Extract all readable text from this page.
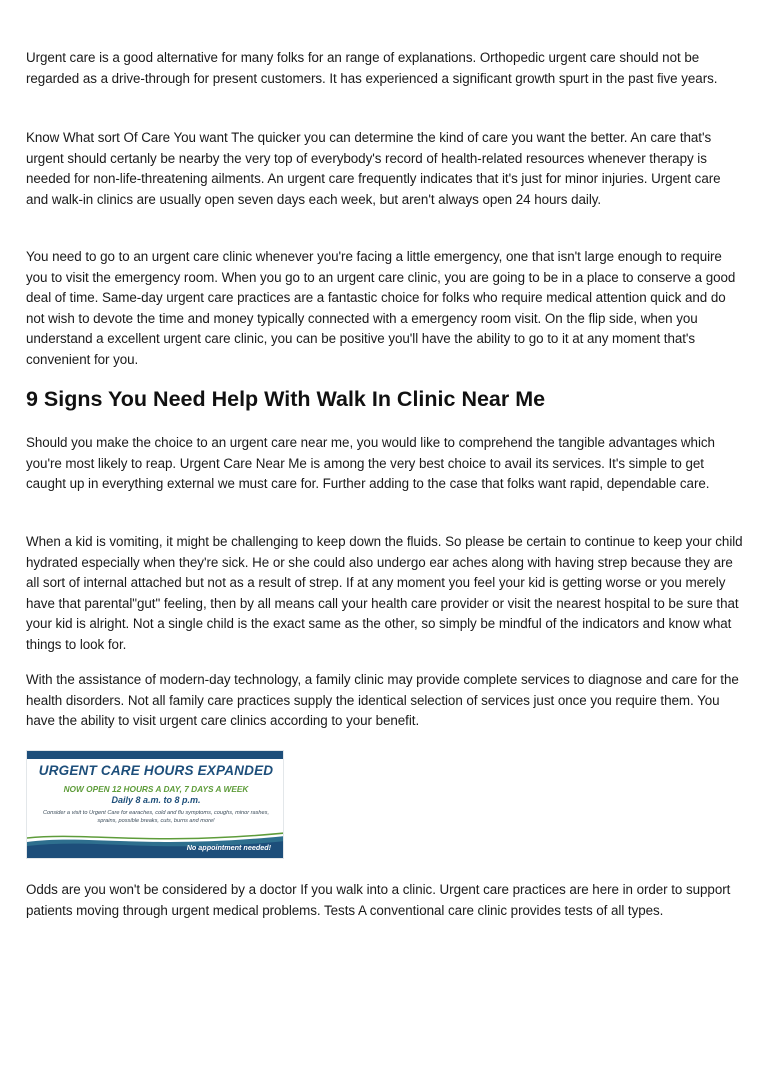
Urgent care is a good alternative for many folks for an range of explanations. Orthopedic urgent care should not be regarded as a drive-through for present customers. It has experienced a significant growth spurt in the past five years.

Know What sort Of Care You want The quicker you can determine the kind of care you want the better. An care that's urgent should certanly be nearby the very top of everybody's record of health-related resources whenever therapy is needed for non-life-threatening ailments. An urgent care frequently indicates that it's just for minor injuries. Urgent care and walk-in clinics are usually open seven days each week, but aren't always open 24 hours daily.

You need to go to an urgent care clinic whenever you're facing a little emergency, one that isn't large enough to require you to visit the emergency room. When you go to an urgent care clinic, you are going to be in a place to conserve a good deal of time. Same-day urgent care practices are a fantastic choice for folks who require medical attention quick and do not wish to devote the time and money typically connected with a emergency room visit. On the flip side, when you understand a excellent urgent care clinic, you can be positive you'll have the ability to go to it at any moment that's convenient for you.

9 Signs You Need Help With Walk In Clinic Near Me

Should you make the choice to an urgent care near me, you would like to comprehend the tangible advantages which you're most likely to reap. Urgent Care Near Me is among the very best choice to avail its services. It's simple to get caught up in everything external we must care for. Further adding to the case that folks want rapid, dependable care.

When a kid is vomiting, it might be challenging to keep down the fluids. So please be certain to continue to keep your child hydrated especially when they're sick. He or she could also undergo ear aches along with having strep because they are all sort of internal attached but not as a result of strep. If at any moment you feel your kid is getting worse or you merely have that parental"gut" feeling, then by all means call your health care provider or visit the nearest hospital to be sure that your kid is alright. Not a single child is the exact same as the other, so simply be mindful of the indicators and know what things to look for.

With the assistance of modern-day technology, a family clinic may provide complete services to diagnose and care for the health disorders. Not all family care practices supply the identical selection of services just once you require them. You have the ability to visit urgent care clinics according to your benefit.

URGENT CARE HOURS EXPANDED
NOW OPEN 12 HOURS A DAY, 7 DAYS A WEEK
Daily 8 a.m. to 8 p.m.
Consider a visit to Urgent Care for earaches, cold and flu symptoms, coughs, minor rashes, sprains, possible breaks, cuts, burns and more!
No appointment needed!

Odds are you won't be considered by a doctor If you walk into a clinic. Urgent care practices are here in order to support patients moving through urgent medical problems. Tests A conventional care clinic provides tests of all types.
